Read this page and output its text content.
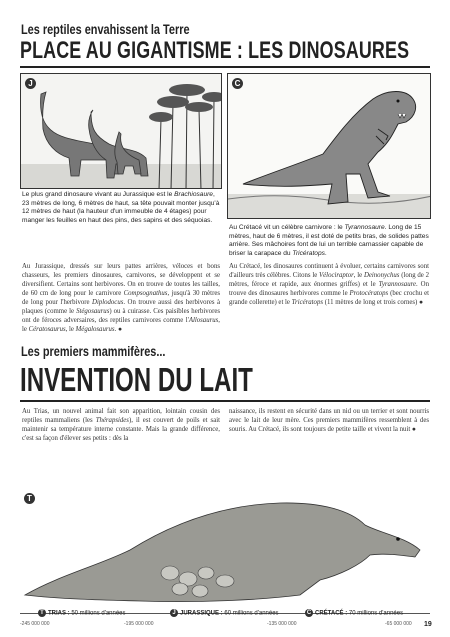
Les reptiles envahissent la Terre
PLACE AU GIGANTISME : LES DINOSAURES
J	C
Le plus grand dinosaure vivant au Jurassique est le Brachiosaure, 23 mètres de long, 6 mètres de haut, sa tête pouvait monter jusqu'à 12 mètres de haut (la hauteur d'un immeuble de 4 étages) pour manger les feuilles en haut des pins, des sapins et des séquoias.
Au Crétacé vit un célèbre carnivore : le Tyrannosaure. Long de 15 mètres, haut de 6 mètres, il est doté de petits bras, de solides pattes arrière. Ses mâchoires font de lui un terrible carnassier capable de briser la carapace du Tricératops.
Au Jurassique, dressés sur leurs pattes arrières, véloces et bons chasseurs, les premiers dinosaures, carnivores, se développent et se diversifient. Certains sont herbivores. On en trouve de toutes les tailles, de 60 cm de long pour le carnivore Compsognathus, jusqu'à 30 mètres de long pour l'herbivore Diplodocus. On trouve aussi des herbivores à plaques (comme le Stégosaurus) ou à cuirasse. Ces paisibles herbivores ont de féroces adversaires, des reptiles carnivores comme l'Allosaurus, le Cératosaurus, le Mégalosaurus. ●
Au Crétacé, les dinosaures continuent à évoluer, certains carnivores sont d'ailleurs très célèbres. Citons le Vélociraptor, le Deinonychus (long de 2 mètres, féroce et rapide, aux énormes griffes) et le Tyrannosaure. On trouve des dinosaures herbivores comme le Protocératops (bec crochu et grande collerette) et le Tricératops (11 mètres de long et trois cornes) ●
Les premiers mammifères...
INVENTION DU LAIT
Au Trias, un nouvel animal fait son apparition, lointain cousin des reptiles mammaliens (les Thérapsides), il est couvert de poils et sait maintenir sa température interne constante. Mais la grande différence, c'est sa façon d'élever ses petits : dès la
naissance, ils restent en sécurité dans un nid ou un terrier et sont nourris avec le lait de leur mère. Ces premiers mammifères ressemblent à des souris. Au Crétacé, ils sont toujours de petite taille et vivent la nuit ●
T
T TRIAS : 50 millions d'années	J JURASSIQUE : 60 millions d'années	C CRÉTACÉ : 70 millions d'années
-245 000 000	-195 000 000	-135 000 000	-65 000 000 19
